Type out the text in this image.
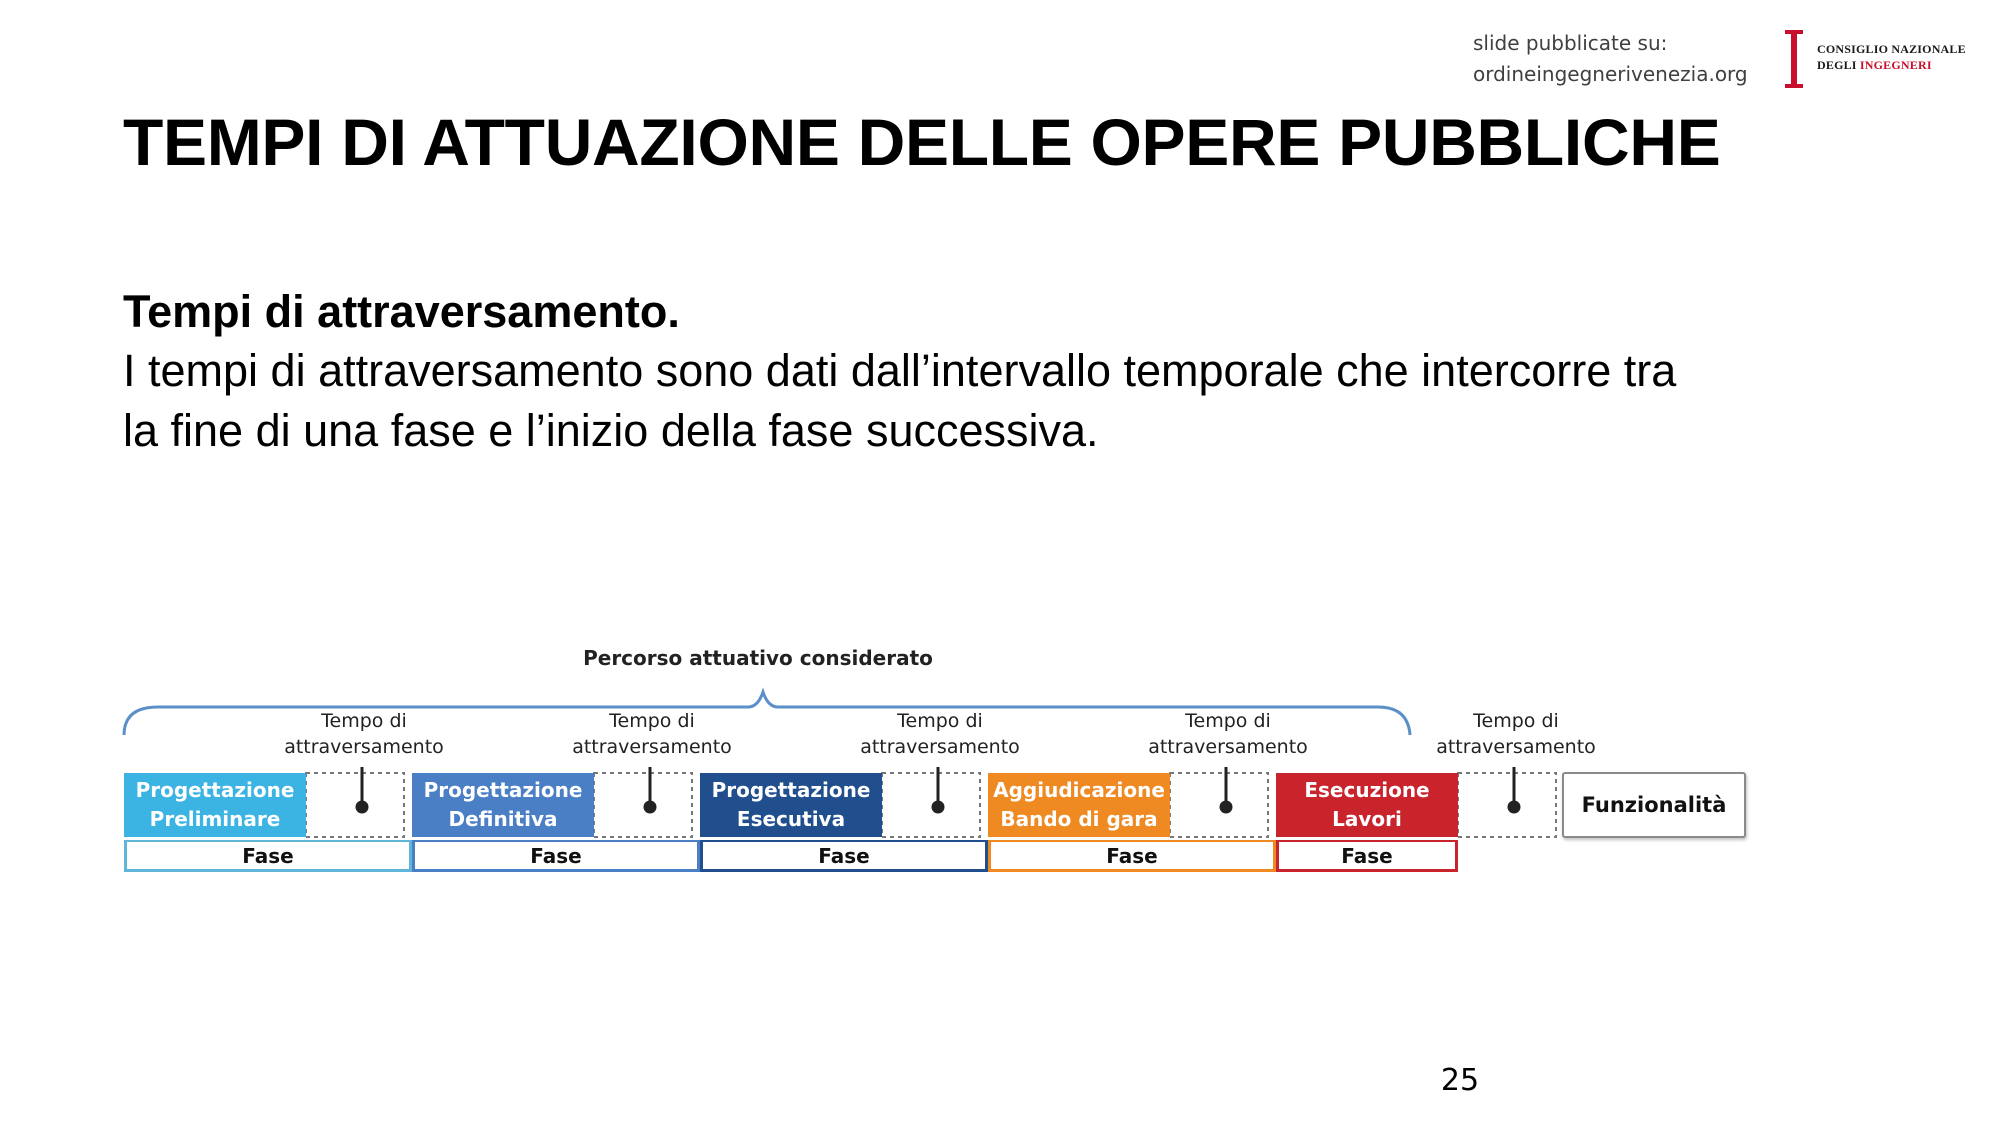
slide pubblicate su:
ordineingegnerivenezia.org
CONSIGLIO NAZIONALE
DEGLI INGEGNERI
TEMPI DI ATTUAZIONE DELLE OPERE PUBBLICHE
Tempi di attraversamento.
I tempi di attraversamento sono dati dall’intervallo temporale che intercorre tra
la fine di una fase e l’inizio della fase successiva.
Percorso attuativo considerato
Tempo di
attraversamento
Tempo di
attraversamento
Tempo di
attraversamento
Tempo di
attraversamento
Tempo di
attraversamento
Progettazione
Preliminare
Fase
Progettazione
Definitiva
Fase
Progettazione
Esecutiva
Fase
Aggiudicazione
Bando di gara
Fase
Esecuzione
Lavori
Fase
Funzionalità
25
